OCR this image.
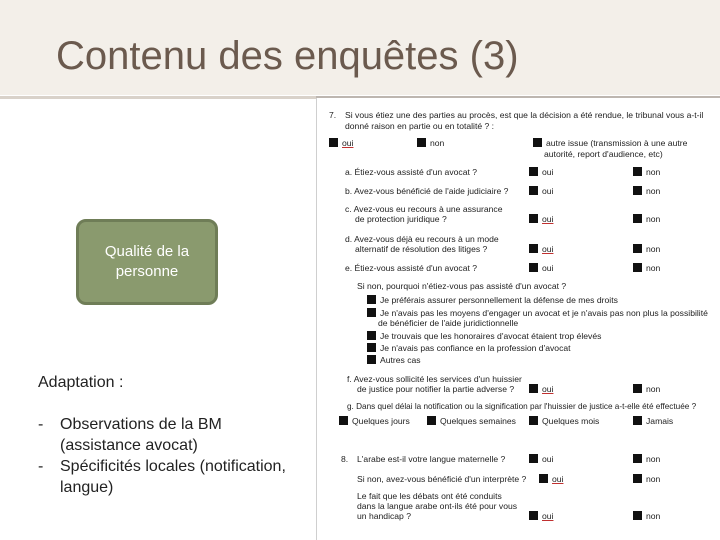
Contenu des enquêtes (3)
Qualité de la personne
Adaptation :
-	Observations de la BM (assistance avocat)
-	Spécificités locales (notification, langue)
7. Si vous étiez une des parties au procès, est que la décision a été rendue, le tribunal vous a-t-il
donné raison en partie ou en totalité ? :
oui	non	autre issue (transmission à une autre
autorité, report d'audience, etc)
a. Étiez-vous assisté d'un avocat ?	oui	non
b. Avez-vous bénéficié de l'aide judiciaire ?	oui	non
c. Avez-vous eu recours à une assurance
de protection juridique ?	oui	non
d. Avez-vous déjà eu recours à un mode
alternatif de résolution des litiges ?	oui	non
e. Étiez-vous assisté d'un avocat ?	oui	non
Si non, pourquoi n'étiez-vous pas assisté d'un avocat ?
Je préférais assurer personnellement la défense de mes droits
Je n'avais pas les moyens d'engager un avocat et je n'avais pas non plus la possibilité
de bénéficier de l'aide juridictionnelle
Je trouvais que les honoraires d'avocat étaient trop élevés
Je n'avais pas confiance en la profession d'avocat
Autres cas
f. Avez-vous sollicité les services d'un huissier
de justice pour notifier la partie adverse ?	oui	non
g. Dans quel délai la notification ou la signification par l'huissier de justice a-t-elle été effectuée ?
Quelques jours	Quelques semaines	Quelques mois	Jamais
8. L'arabe est-il votre langue maternelle ?	oui	non
Si non, avez-vous bénéficié d'un interprète ?	oui	non
Le fait que les débats ont été conduits
dans la langue arabe ont-ils été pour vous
un handicap ?	oui	non
